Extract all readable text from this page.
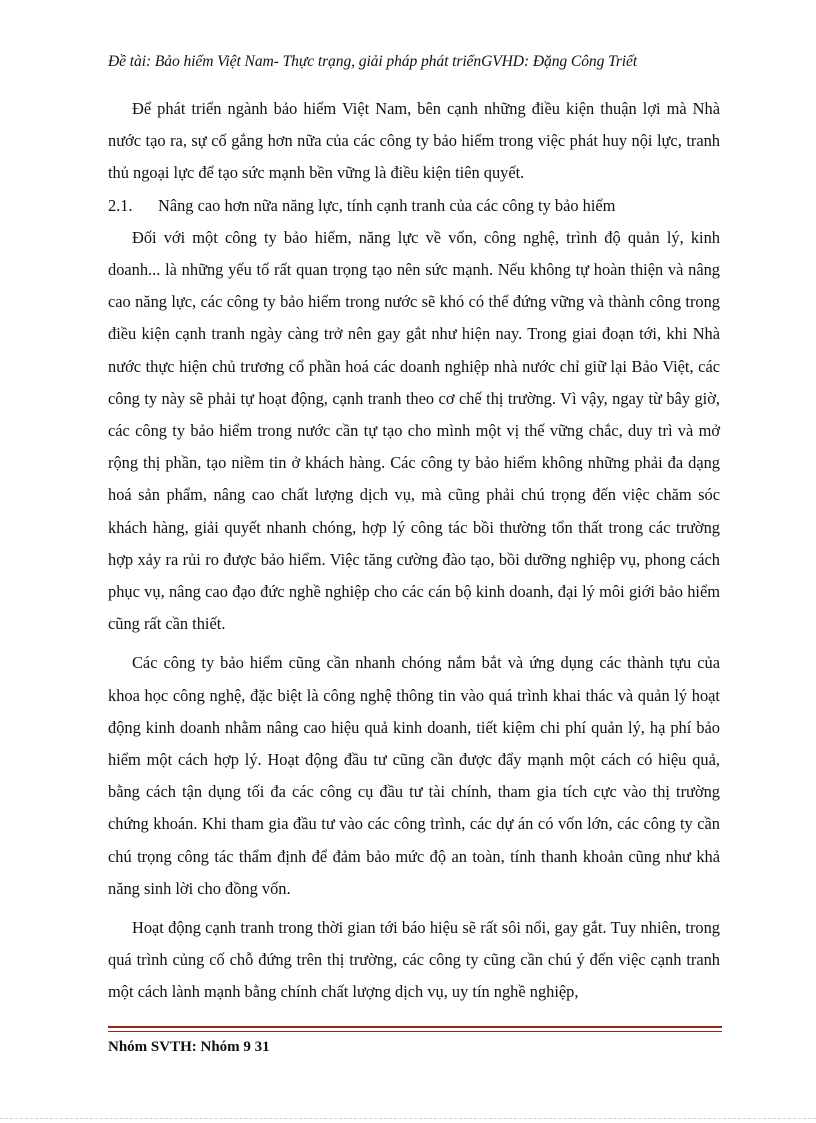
Đề tài: Bảo hiểm Việt Nam- Thực trạng, giải pháp phát triểnGVHD: Đặng Công Triết

Để phát triển ngành bảo hiểm Việt Nam, bên cạnh những điều kiện thuận lợi mà Nhà nước tạo ra, sự cố gắng hơn nữa của các công ty bảo hiểm trong việc phát huy nội lực, tranh thủ ngoại lực để tạo sức mạnh bền vững là điều kiện tiên quyết.

2.1. Nâng cao hơn nữa năng lực, tính cạnh tranh của các công ty bảo hiểm

Đối với một công ty bảo hiểm, năng lực về vốn, công nghệ, trình độ quản lý, kinh doanh... là những yếu tố rất quan trọng tạo nên sức mạnh. Nếu không tự hoàn thiện và nâng cao năng lực, các công ty bảo hiểm trong nước sẽ khó có thể đứng vững và thành công trong điều kiện cạnh tranh ngày càng trở nên gay gắt như hiện nay. Trong giai đoạn tới, khi Nhà nước thực hiện chủ trương cổ phần hoá các doanh nghiệp nhà nước chỉ giữ lại Bảo Việt, các công ty này sẽ phải tự hoạt động, cạnh tranh theo cơ chế thị trường. Vì vậy, ngay từ bây giờ, các công ty bảo hiểm trong nước cần tự tạo cho mình một vị thế vững chắc, duy trì và mở rộng thị phần, tạo niềm tin ở khách hàng. Các công ty bảo hiểm không những phải đa dạng hoá sản phẩm, nâng cao chất lượng dịch vụ, mà cũng phải chú trọng đến việc chăm sóc khách hàng, giải quyết nhanh chóng, hợp lý công tác bồi thường tổn thất trong các trường hợp xảy ra rủi ro được bảo hiểm. Việc tăng cường đào tạo, bồi dưỡng nghiệp vụ, phong cách phục vụ, nâng cao đạo đức nghề nghiệp cho các cán bộ kinh doanh, đại lý môi giới bảo hiểm cũng rất cần thiết.

Các công ty bảo hiểm cũng cần nhanh chóng nắm bắt và ứng dụng các thành tựu của khoa học công nghệ, đặc biệt là công nghệ thông tin vào quá trình khai thác và quản lý hoạt động kinh doanh nhằm nâng cao hiệu quả kinh doanh, tiết kiệm chi phí quản lý, hạ phí bảo hiểm một cách hợp lý. Hoạt động đầu tư cũng cần được đẩy mạnh một cách có hiệu quả, bằng cách tận dụng tối đa các công cụ đầu tư tài chính, tham gia tích cực vào thị trường chứng khoán. Khi tham gia đầu tư vào các công trình, các dự án có vốn lớn, các công ty cần chú trọng công tác thẩm định để đảm bảo mức độ an toàn, tính thanh khoản cũng như khả năng sinh lời cho đồng vốn.

Hoạt động cạnh tranh trong thời gian tới báo hiệu sẽ rất sôi nổi, gay gắt. Tuy nhiên, trong quá trình củng cố chỗ đứng trên thị trường, các công ty cũng cần chú ý đến việc cạnh tranh một cách lành mạnh bằng chính chất lượng dịch vụ, uy tín nghề nghiệp,

Nhóm SVTH: Nhóm 9 31
